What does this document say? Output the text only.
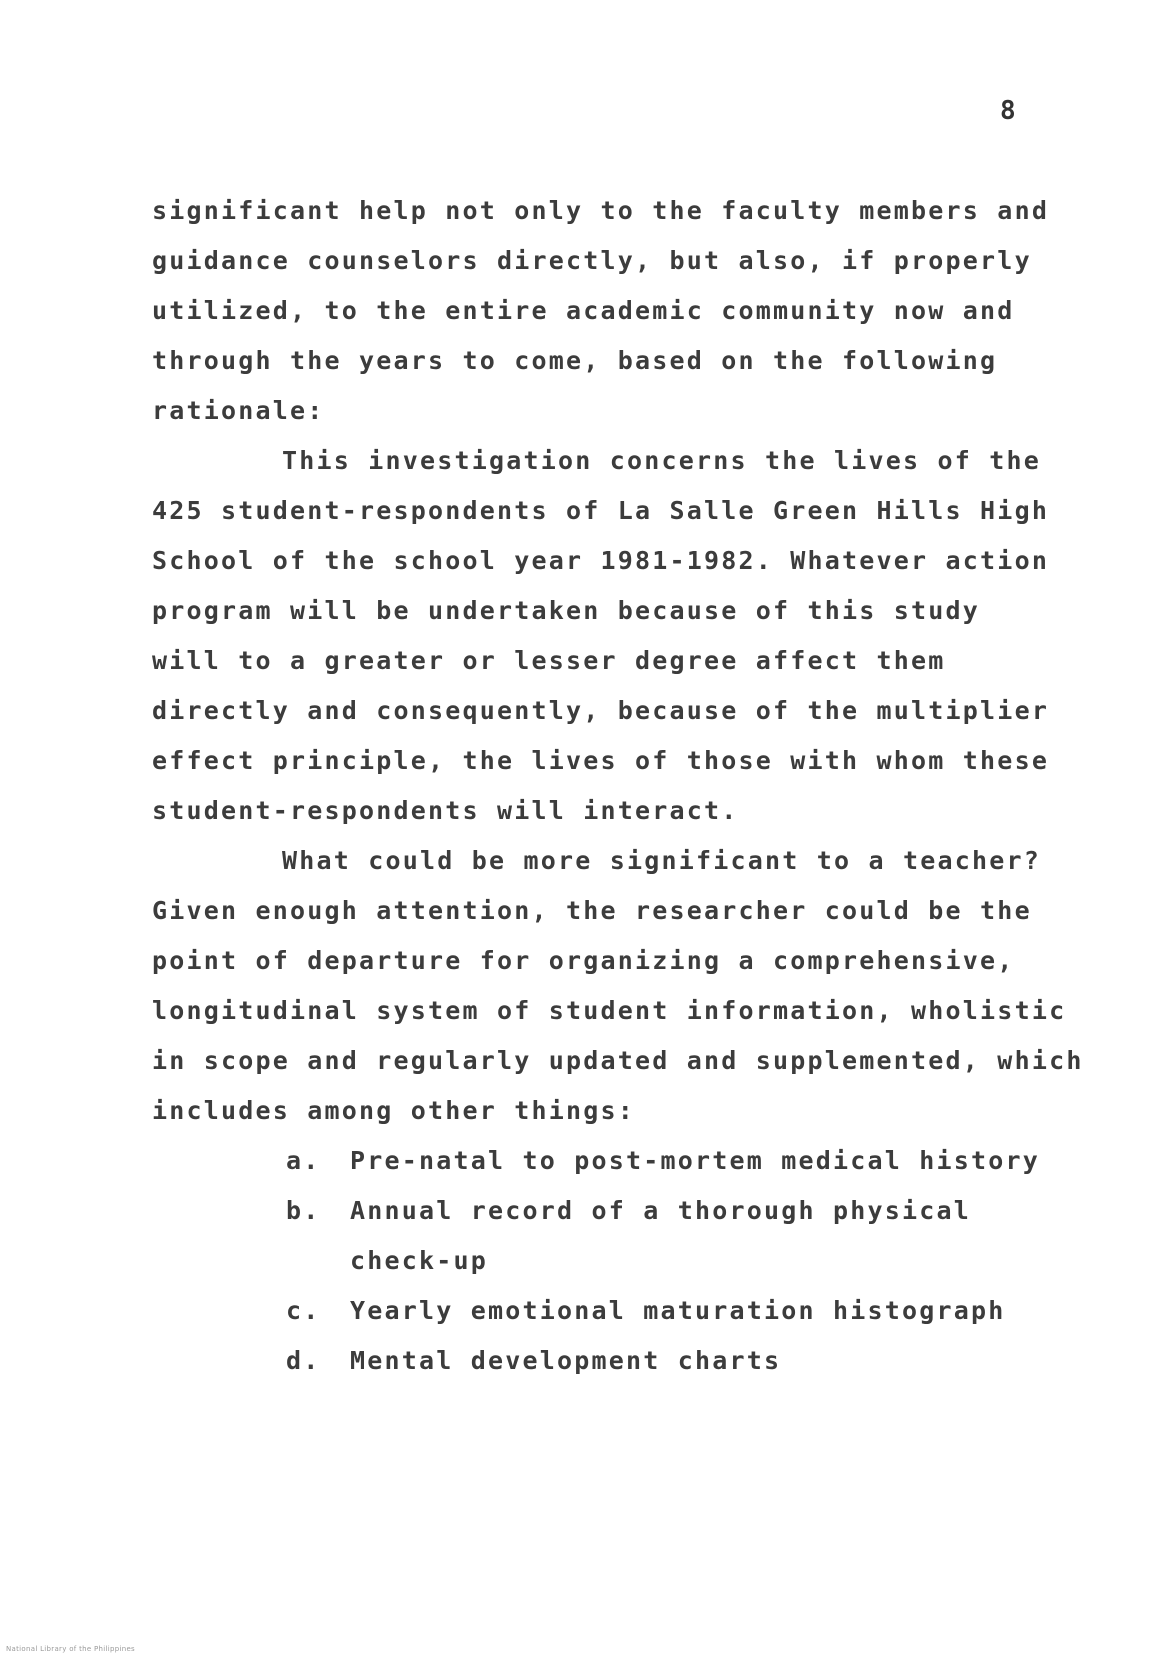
8
significant help not only to the faculty members and
guidance counselors directly, but also, if properly
utilized, to the entire academic community now and
through the years to come, based on the following
rationale:
This investigation concerns the lives of the
425 student-respondents of La Salle Green Hills High
School of the school year 1981-1982. Whatever action
program will be undertaken because of this study
will to a greater or lesser degree affect them
directly and consequently, because of the multiplier
effect principle, the lives of those with whom these
student-respondents will interact.
What could be more significant to a teacher?
Given enough attention, the researcher could be the
point of departure for organizing a comprehensive,
longitudinal system of student information, wholistic
in scope and regularly updated and supplemented, which
includes among other things:
a. Pre-natal to post-mortem medical history
b. Annual record of a thorough physical
check-up
c. Yearly emotional maturation histograph
d. Mental development charts
National Library of the Philippines
